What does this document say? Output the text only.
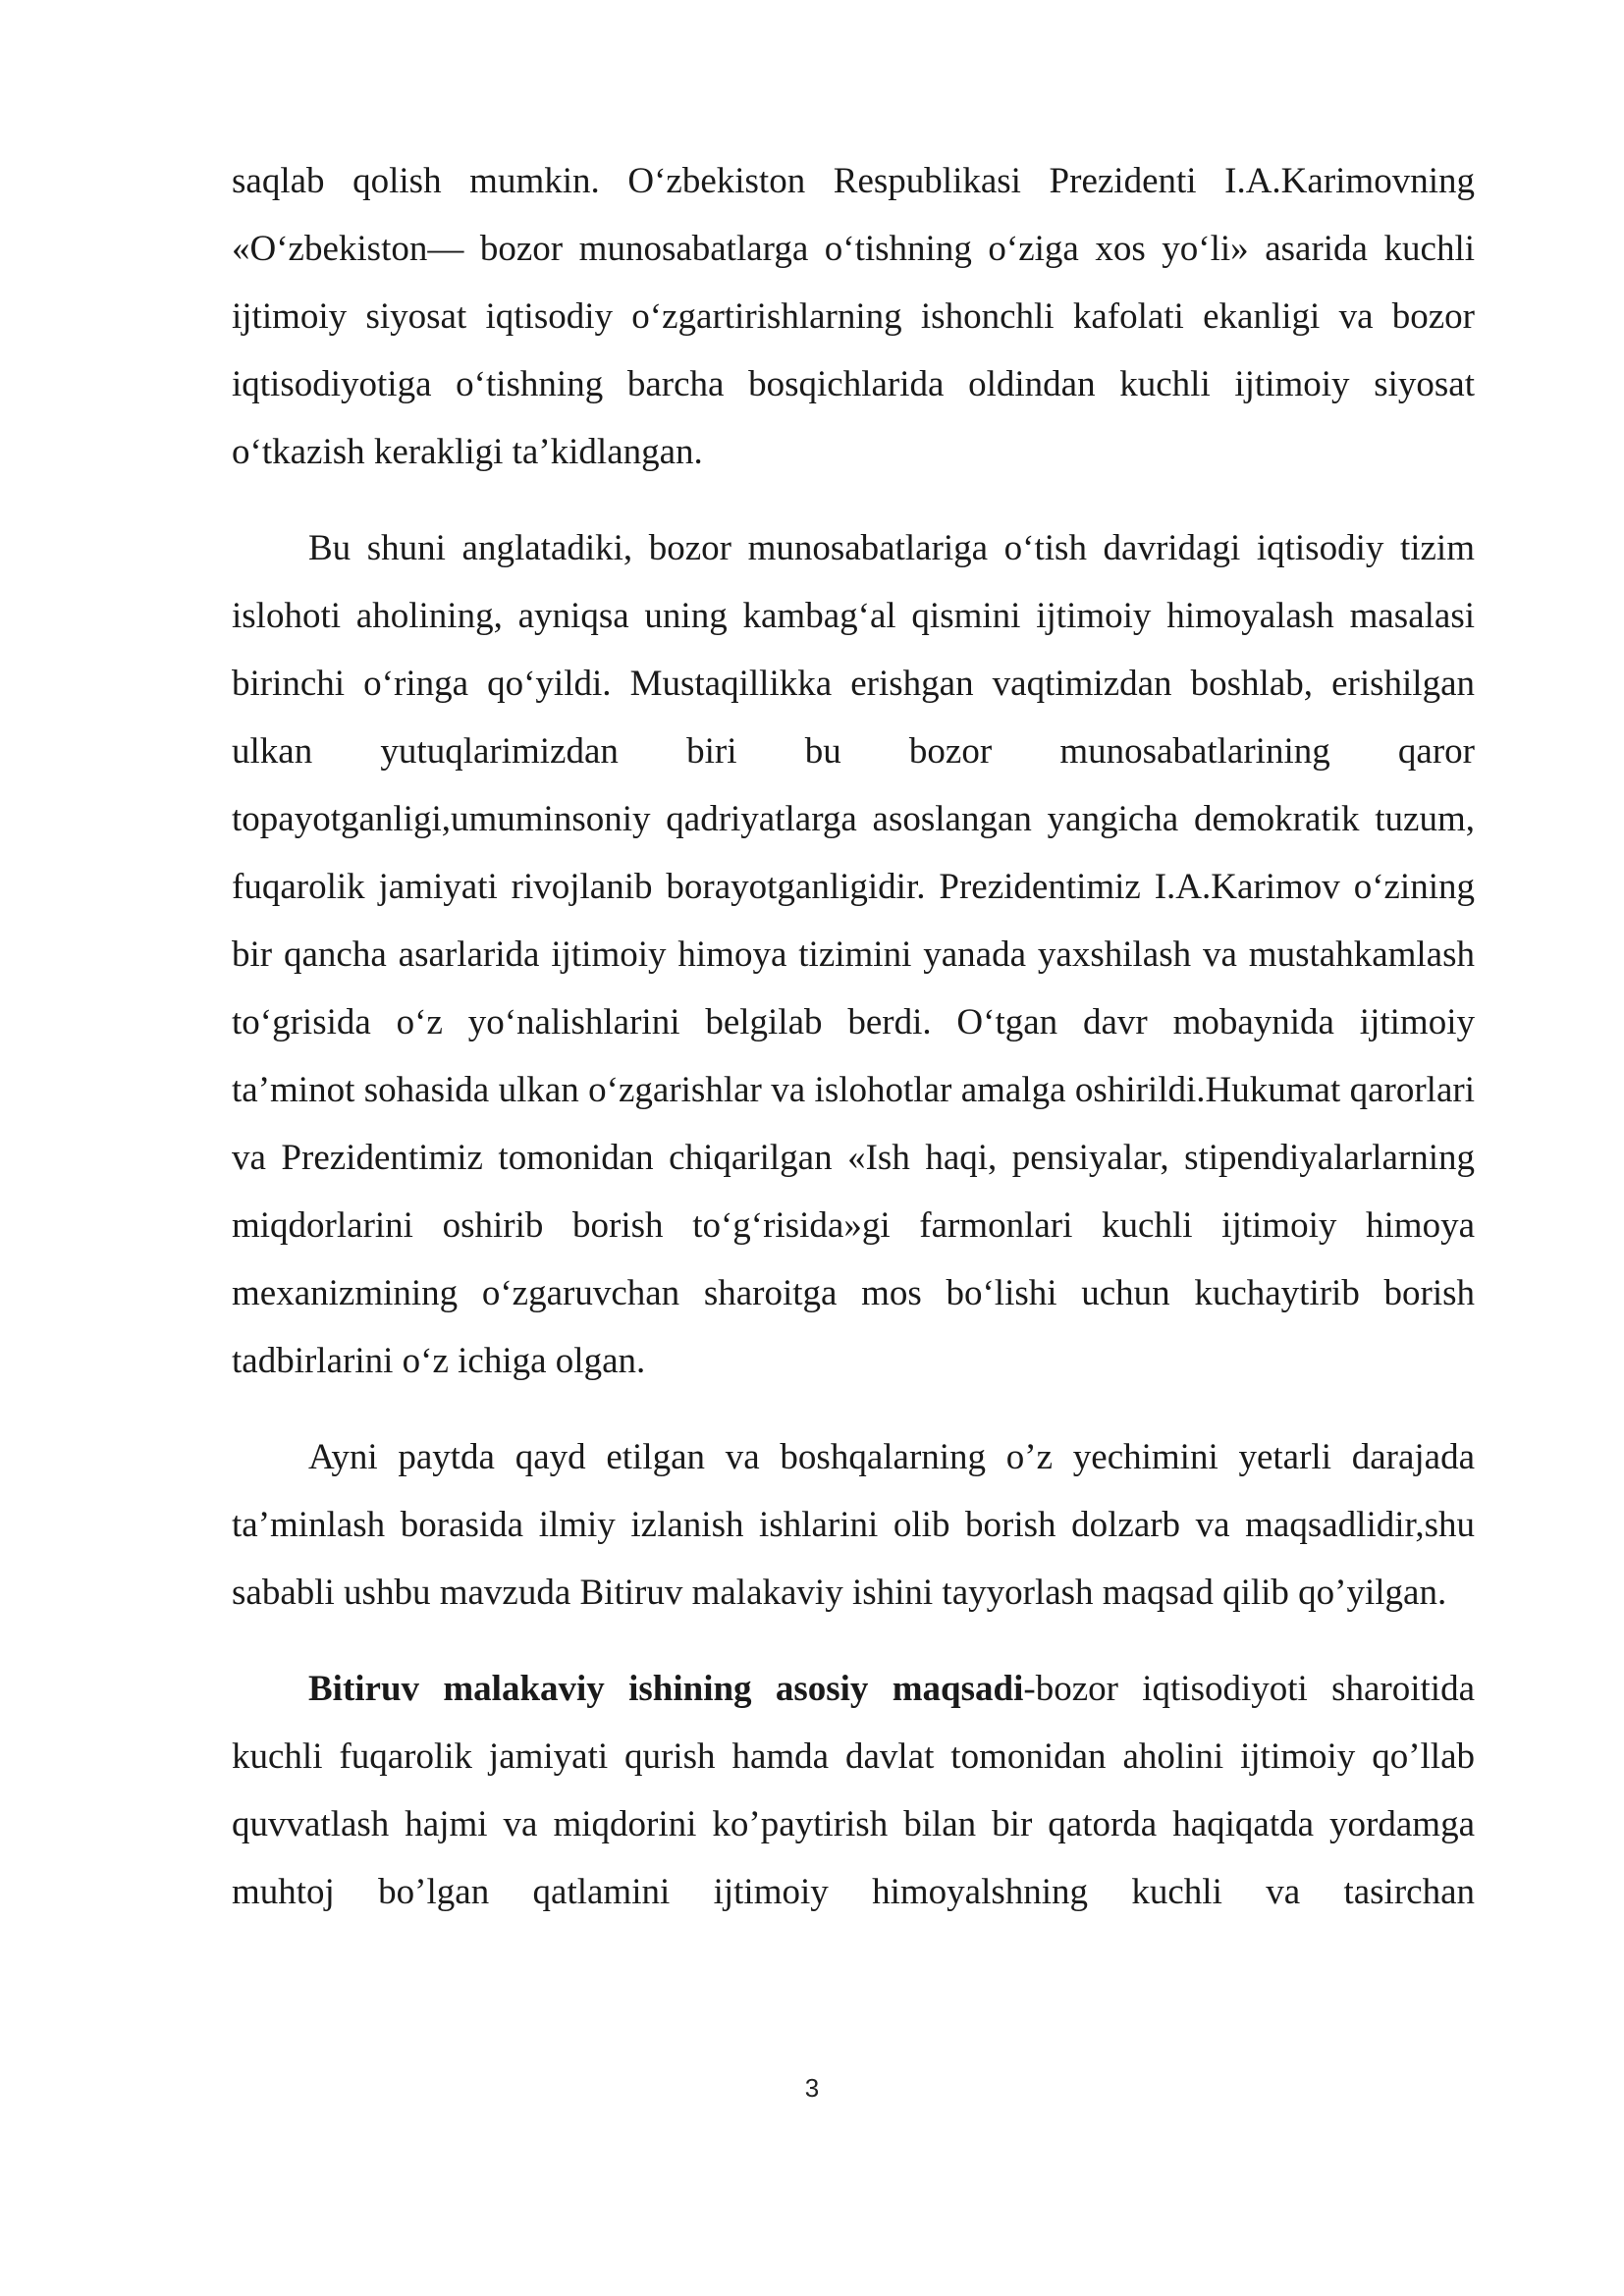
saqlab qolish mumkin. O‘zbekiston Respublikasi Prezidenti I.A.Karimovning «O‘zbekiston— bozor munosabatlarga o‘tishning o‘ziga xos yo‘li» asarida kuchli ijtimoiy siyosat iqtisodiy o‘zgartirishlarning ishonchli kafolati ekanligi va bozor iqtisodiyotiga o‘tishning barcha bosqichlarida oldindan kuchli ijtimoiy siyosat o‘tkazish kerakligi ta’kidlangan.

Bu shuni anglatadiki, bozor munosabatlariga o‘tish davridagi iqtisodiy tizim islohoti aholining, ayniqsa uning kambag‘al qismini ijtimoiy himoyalash masalasi birinchi o‘ringa qo‘yildi. Mustaqillikka erishgan vaqtimizdan boshlab, erishilgan ulkan yutuqlarimizdan biri bu bozor munosabatlarining qaror topayotganligi,umuminsoniy qadriyatlarga asoslangan yangicha demokratik tuzum, fuqarolik jamiyati rivojlanib borayotganligidir. Prezidentimiz I.A.Karimov o‘zining bir qancha asarlarida ijtimoiy himoya tizimini yanada yaxshilash va mustahkamlash to‘grisida o‘z yo‘nalishlarini belgilab berdi. O‘tgan davr mobaynida ijtimoiy ta’minot sohasida ulkan o‘zgarishlar va islohotlar amalga oshirildi.Hukumat qarorlari va Prezidentimiz tomonidan chiqarilgan «Ish haqi, pensiyalar, stipendiyalarlarning miqdorlarini oshirib borish to‘g‘risida»gi farmonlari kuchli ijtimoiy himoya mexanizmining o‘zgaruvchan sharoitga mos bo‘lishi uchun kuchaytirib borish tadbirlarini o‘z ichiga olgan.

Ayni paytda qayd etilgan va boshqalarning o’z yechimini yetarli darajada ta’minlash borasida ilmiy izlanish ishlarini olib borish dolzarb va maqsadlidir,shu sababli ushbu mavzuda Bitiruv malakaviy ishini tayyorlash maqsad qilib qo’yilgan.

Bitiruv malakaviy ishining asosiy maqsadi-bozor iqtisodiyoti sharoitida kuchli fuqarolik jamiyati qurish hamda davlat tomonidan aholini ijtimoiy qo’llab quvvatlash hajmi va miqdorini ko’paytirish bilan bir qatorda haqiqatda yordamga muhtoj bo’lgan qatlamini ijtimoiy himoyalshning kuchli va tasirchan

3
